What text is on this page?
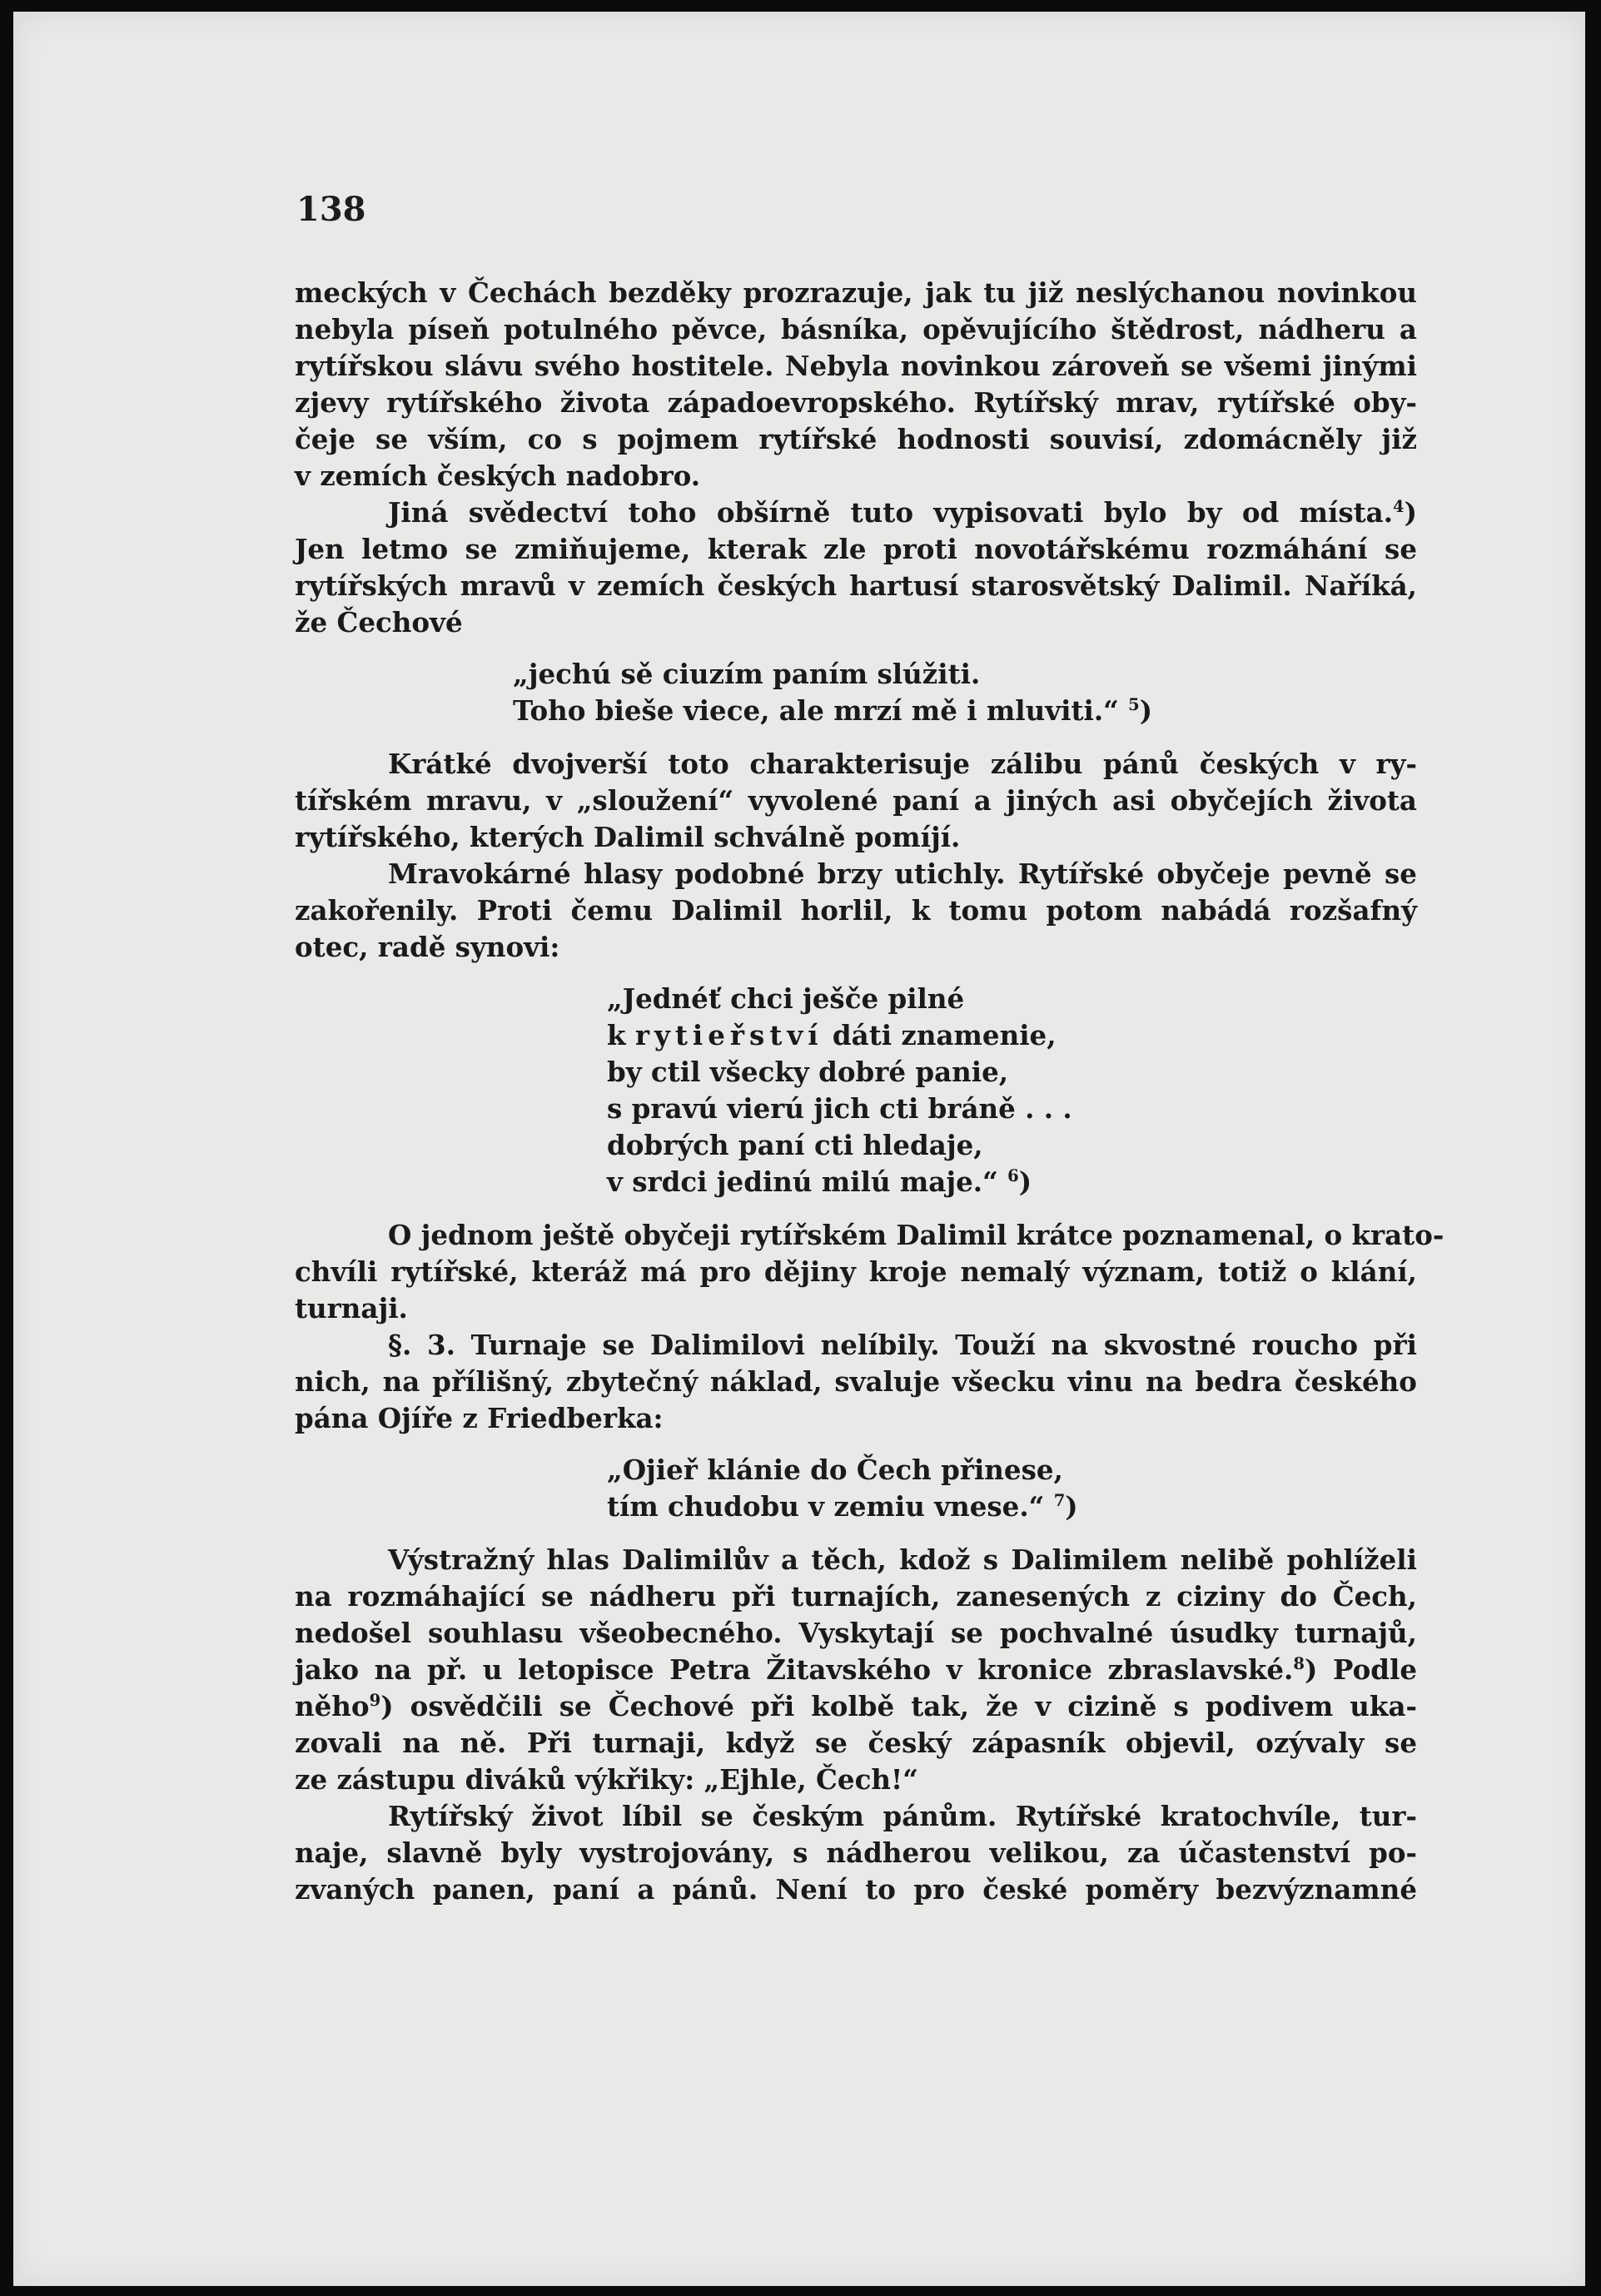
138
meckých v Čechách bezděky prozrazuje, jak tu již neslýchanou novinkou
nebyla píseň potulného pěvce, básníka, opěvujícího štědrost, nádheru a
rytířskou slávu svého hostitele. Nebyla novinkou zároveň se všemi jinými
zjevy rytířského života západoevropského. Rytířský mrav, rytířské oby-
čeje se vším, co s pojmem rytířské hodnosti souvisí, zdomácněly již
v zemích českých nadobro.
Jiná svědectví toho obšírně tuto vypisovati bylo by od místa.$^4$)
Jen letmo se zmiňujeme, kterak zle proti novotářskému rozmáhání se
rytířských mravů v zemích českých hartusí starosvětský Dalimil. Naříká,
že Čechové
„jechú sě ciuzím paním slúžiti.
Toho bieše viece, ale mrzí mě i mluviti.“ $^5$)
Krátké dvojverší toto charakterisuje zálibu pánů českých v ry-
tířském mravu, v „sloužení“ vyvolené paní a jiných asi obyčejích života
rytířského, kterých Dalimil schválně pomíjí.
Mravokárné hlasy podobné brzy utichly. Rytířské obyčeje pevně se
zakořenily. Proti čemu Dalimil horlil, k tomu potom nabádá rozšafný
otec, radě synovi:
„Jednéť chci ješče pilné
k rytieřství dáti znamenie,
by ctil všecky dobré panie,
s pravú vierú jich cti bráně . . .
dobrých paní cti hledaje,
v srdci jedinú milú maje.“ $^6$)
O jednom ještě obyčeji rytířském Dalimil krátce poznamenal, o krato-
chvíli rytířské, kteráž má pro dějiny kroje nemalý význam, totiž o klání,
turnaji.
§. 3. Turnaje se Dalimilovi nelíbily. Touží na skvostné roucho při
nich, na přílišný, zbytečný náklad, svaluje všecku vinu na bedra českého
pána Ojíře z Friedberka:
„Ojieř klánie do Čech přinese,
tím chudobu v zemiu vnese.“ $^7$)
Výstražný hlas Dalimilův a těch, kdož s Dalimilem nelibě pohlíželi
na rozmáhající se nádheru při turnajích, zanesených z ciziny do Čech,
nedošel souhlasu všeobecného. Vyskytají se pochvalné úsudky turnajů,
jako na př. u letopisce Petra Žitavského v kronice zbraslavské.$^8$) Podle
něho$^9$) osvědčili se Čechové při kolbě tak, že v cizině s podivem uka-
zovali na ně. Při turnaji, když se český zápasník objevil, ozývaly se
ze zástupu diváků výkřiky: „Ejhle, Čech!“
Rytířský život líbil se českým pánům. Rytířské kratochvíle, tur-
naje, slavně byly vystrojovány, s nádherou velikou, za účastenství po-
zvaných panen, paní a pánů. Není to pro české poměry bezvýznamné
